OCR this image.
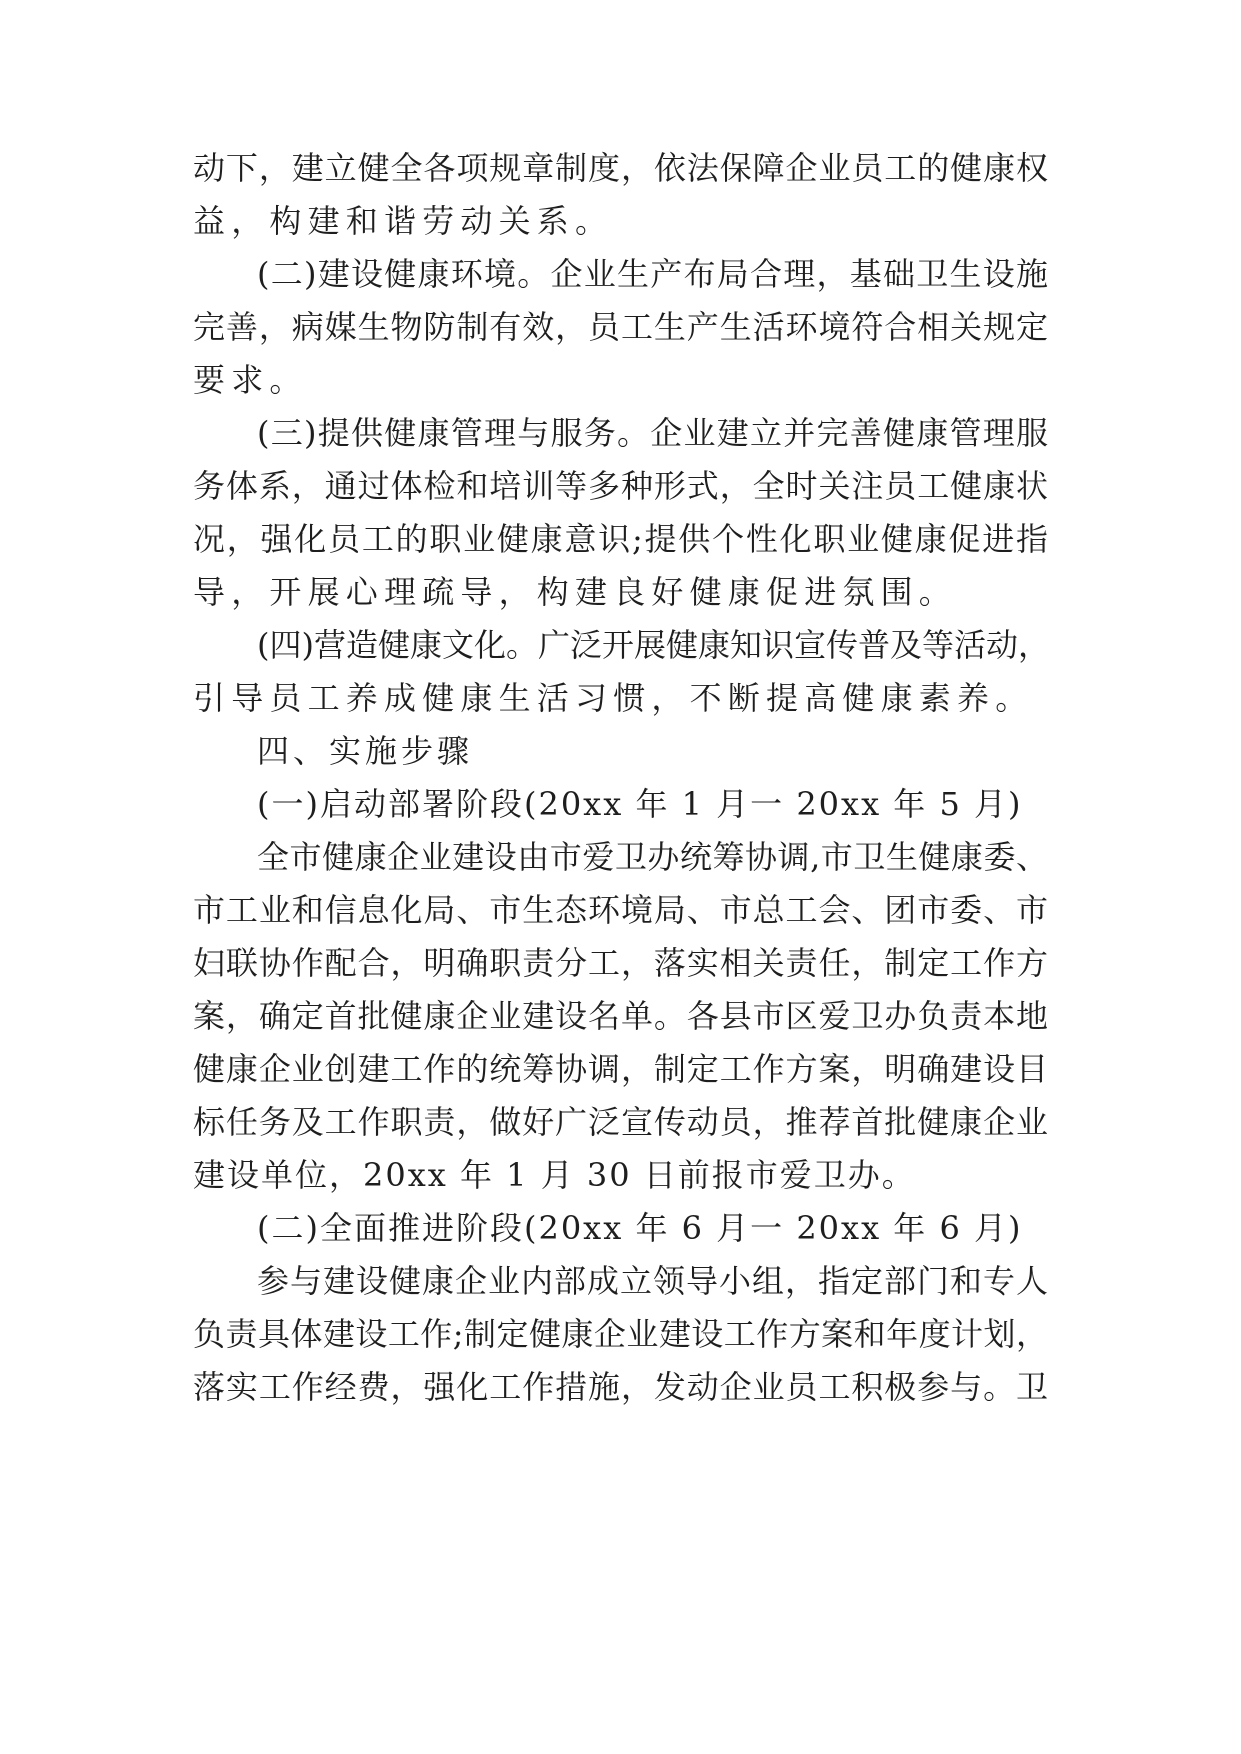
动下，建立健全各项规章制度，依法保障企业员工的健康权
益，构建和谐劳动关系。
(二)建设健康环境。企业生产布局合理，基础卫生设施
完善，病媒生物防制有效，员工生产生活环境符合相关规定
要求。
(三)提供健康管理与服务。企业建立并完善健康管理服
务体系，通过体检和培训等多种形式，全时关注员工健康状
况，强化员工的职业健康意识;提供个性化职业健康促进指
导，开展心理疏导，构建良好健康促进氛围。
(四)营造健康文化。广泛开展健康知识宣传普及等活动，
引导员工养成健康生活习惯，不断提高健康素养。
四、实施步骤
(一)启动部署阶段(20xx 年 1 月一 20xx 年 5 月)
全市健康企业建设由市爱卫办统筹协调,市卫生健康委、
市工业和信息化局、市生态环境局、市总工会、团市委、市
妇联协作配合，明确职责分工，落实相关责任，制定工作方
案，确定首批健康企业建设名单。各县市区爱卫办负责本地
健康企业创建工作的统筹协调，制定工作方案，明确建设目
标任务及工作职责，做好广泛宣传动员，推荐首批健康企业
建设单位，20xx 年 1 月 30 日前报市爱卫办。
(二)全面推进阶段(20xx 年 6 月一 20xx 年 6 月)
参与建设健康企业内部成立领导小组，指定部门和专人
负责具体建设工作;制定健康企业建设工作方案和年度计划，
落实工作经费，强化工作措施，发动企业员工积极参与。卫
